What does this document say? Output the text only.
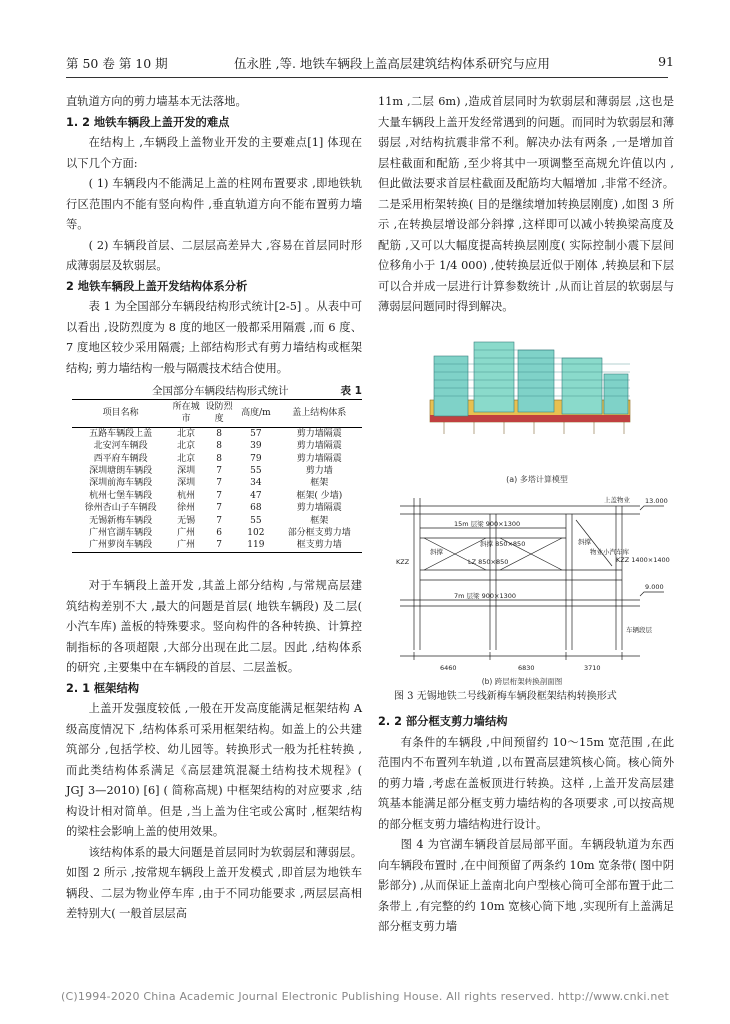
第 50 卷 第 10 期	伍永胜 ,等. 地铁车辆段上盖高层建筑结构体系研究与应用	91

直轨道方向的剪力墙基本无法落地。

1. 2 地铁车辆段上盖开发的难点

在结构上 ,车辆段上盖物业开发的主要难点[1] 体现在以下几个方面:

( 1) 车辆段内不能满足上盖的柱网布置要求 ,即地铁轨行区范围内不能有竖向构件 ,垂直轨道方向不能布置剪力墙等。

( 2) 车辆段首层、二层层高差异大 ,容易在首层同时形成薄弱层及软弱层。

2 地铁车辆段上盖开发结构体系分析

表 1 为全国部分车辆段结构形式统计[2-5] 。从表中可以看出 ,设防烈度为 8 度的地区一般都采用隔震 ,而 6 度、7 度地区较少采用隔震; 上部结构形式有剪力墙结构或框架结构; 剪力墙结构一般与隔震技术结合使用。

全国部分车辆段结构形式统计	表 1
项目名称	所在城市	设防烈度	高度/m	盖上结构体系
五路车辆段上盖	北京	8	57	剪力墙隔震
北安河车辆段	北京	8	39	剪力墙隔震
西平府车辆段	北京	8	79	剪力墙隔震
深圳塘朗车辆段	深圳	7	55	剪力墙
深圳前海车辆段	深圳	7	34	框架
杭州七堡车辆段	杭州	7	47	框架( 少墙)
徐州杏山子车辆段	徐州	7	68	剪力墙隔震
无锡新梅车辆段	无锡	7	55	框架
广州官湖车辆段	广州	6	102	部分框支剪力墙
广州萝岗车辆段	广州	7	119	框支剪力墙

对于车辆段上盖开发 ,其盖上部分结构 ,与常规高层建筑结构差别不大 ,最大的问题是首层( 地铁车辆段) 及二层( 小汽车库) 盖板的特殊要求。竖向构件的各种转换、计算控制指标的各项超限 ,大部分出现在此二层。因此 ,结构体系的研究 ,主要集中在车辆段的首层、二层盖板。

2. 1 框架结构

上盖开发强度较低 ,一般在开发高度能满足框架结构 A 级高度情况下 ,结构体系可采用框架结构。如盖上的公共建筑部分 ,包括学校、幼儿园等。转换形式一般为托柱转换 ,而此类结构体系满足《高层建筑混凝土结构技术规程》( JGJ 3—2010) [6] ( 简称高规) 中框架结构的对应要求 ,结构设计相对简单。但是 ,当上盖为住宅或公寓时 ,框架结构的梁柱会影响上盖的使用效果。

该结构体系的最大问题是首层同时为软弱层和薄弱层。如图 2 所示 ,按常规车辆段上盖开发模式 ,即首层为地铁车辆段、二层为物业停车库 ,由于不同功能要求 ,两层层高相差特别大( 一般首层层高

11m ,二层 6m) ,造成首层同时为软弱层和薄弱层 ,这也是大量车辆段上盖开发经常遇到的问题。而同时为软弱层和薄弱层 ,对结构抗震非常不利。解决办法有两条 ,一是增加首层柱截面和配筋 ,至少将其中一项调整至高规允许值以内 ,但此做法要求首层柱截面及配筋均大幅增加 ,非常不经济。二是采用桁架转换( 目的是继续增加转换层刚度) ,如图 3 所示 ,在转换层增设部分斜撑 ,这样即可以减小转换梁高度及配筋 ,又可以大幅度提高转换层刚度( 实际控制小震下层间位移角小于 1/4 000) ,使转换层近似于刚体 ,转换层和下层可以合并成一层进行计算参数统计 ,从而让首层的软弱层与薄弱层问题同时得到解决。

(a) 多塔计算模型
上盖物业 13.000
15m 层梁 900×1300
斜撑 850×850
斜撑
斜撑
物业小汽车库
KZZ	LZ 850×850	KZZ 1400×1400
9.000
7m 层梁 900×1300
车辆段层
6460	6830	3710
(b) 跨层桁架转换剖面图
图 3 无锡地铁二号线新梅车辆段框架结构转换形式

2. 2 部分框支剪力墙结构

有条件的车辆段 ,中间预留约 10～15m 宽范围 ,在此范围内不布置列车轨道 ,以布置高层建筑核心筒。核心筒外的剪力墙 ,考虑在盖板顶进行转换。这样 ,上盖开发高层建筑基本能满足部分框支剪力墙结构的各项要求 ,可以按高规的部分框支剪力墙结构进行设计。

图 4 为官湖车辆段首层局部平面。车辆段轨道为东西向车辆段布置时 ,在中间预留了两条约 10m 宽条带( 图中阴影部分) ,从而保证上盖南北向户型核心筒可全部布置于此二条带上 ,有完整的约 10m 宽核心筒下地 ,实现所有上盖满足部分框支剪力墙

(C)1994-2020 China Academic Journal Electronic Publishing House. All rights reserved. http://www.cnki.net
